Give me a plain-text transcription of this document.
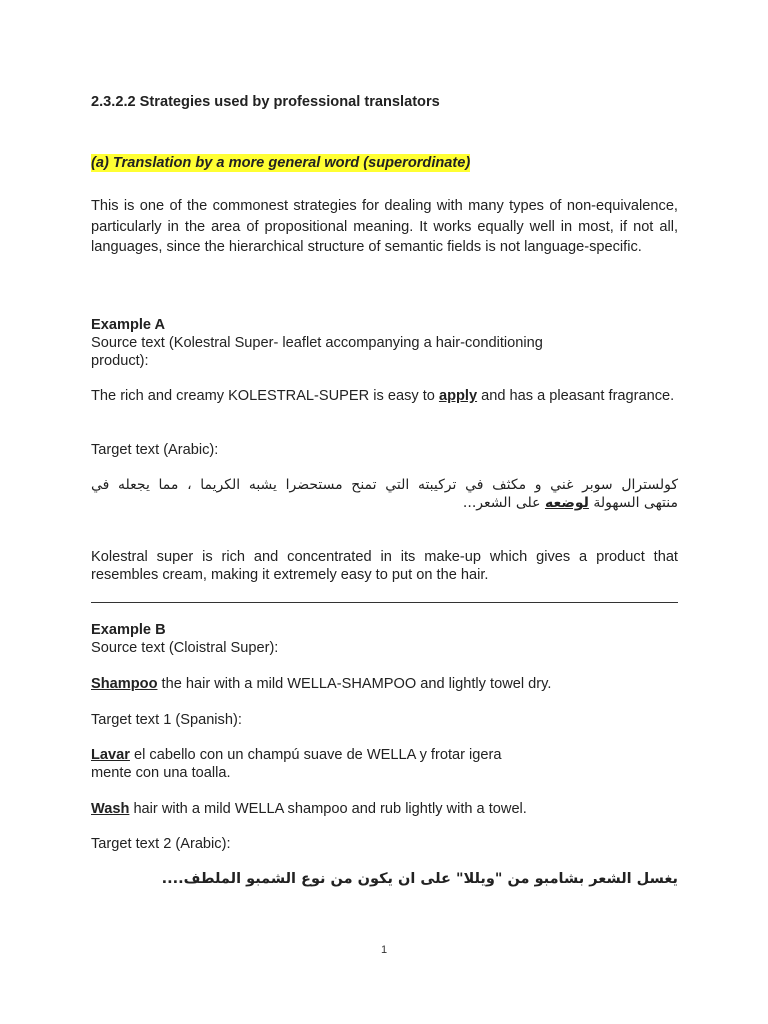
2.3.2.2 Strategies used by professional translators
(a) Translation by a more general word (superordinate)
This is one of the commonest strategies for dealing with many types of non-equivalence, particularly in the area of propositional meaning. It works equally well in most, if not all, languages, since the hierarchical structure of semantic fields is not language-specific.
Example A
Source text (Kolestral Super- leaflet accompanying a hair-conditioning
product):
The rich and creamy KOLESTRAL-SUPER is easy to apply and has a pleasant fragrance.
Target text (Arabic):
كولسترال سوبر غني و مكثف في تركيبته التي تمنح مستحضرا يشبه الكريما ، مما يجعله في
منتهى السهولة لوضعه على الشعر...
Kolestral super is rich and concentrated in its make-up which gives a product that resembles cream, making it extremely easy to put on the hair.
Example B
Source text (Cloistral Super):
Shampoo the hair with a mild WELLA-SHAMPOO and lightly towel dry.
Target text 1 (Spanish):
Lavar el cabello con un champú suave de WELLA y frotar igera
mente con una toalla.
Wash hair with a mild WELLA shampoo and rub lightly with a towel.
Target text 2 (Arabic):
يغسل الشعر بشامبو من "ويللا" على ان يكون من نوع الشمبو الملطف....
1
